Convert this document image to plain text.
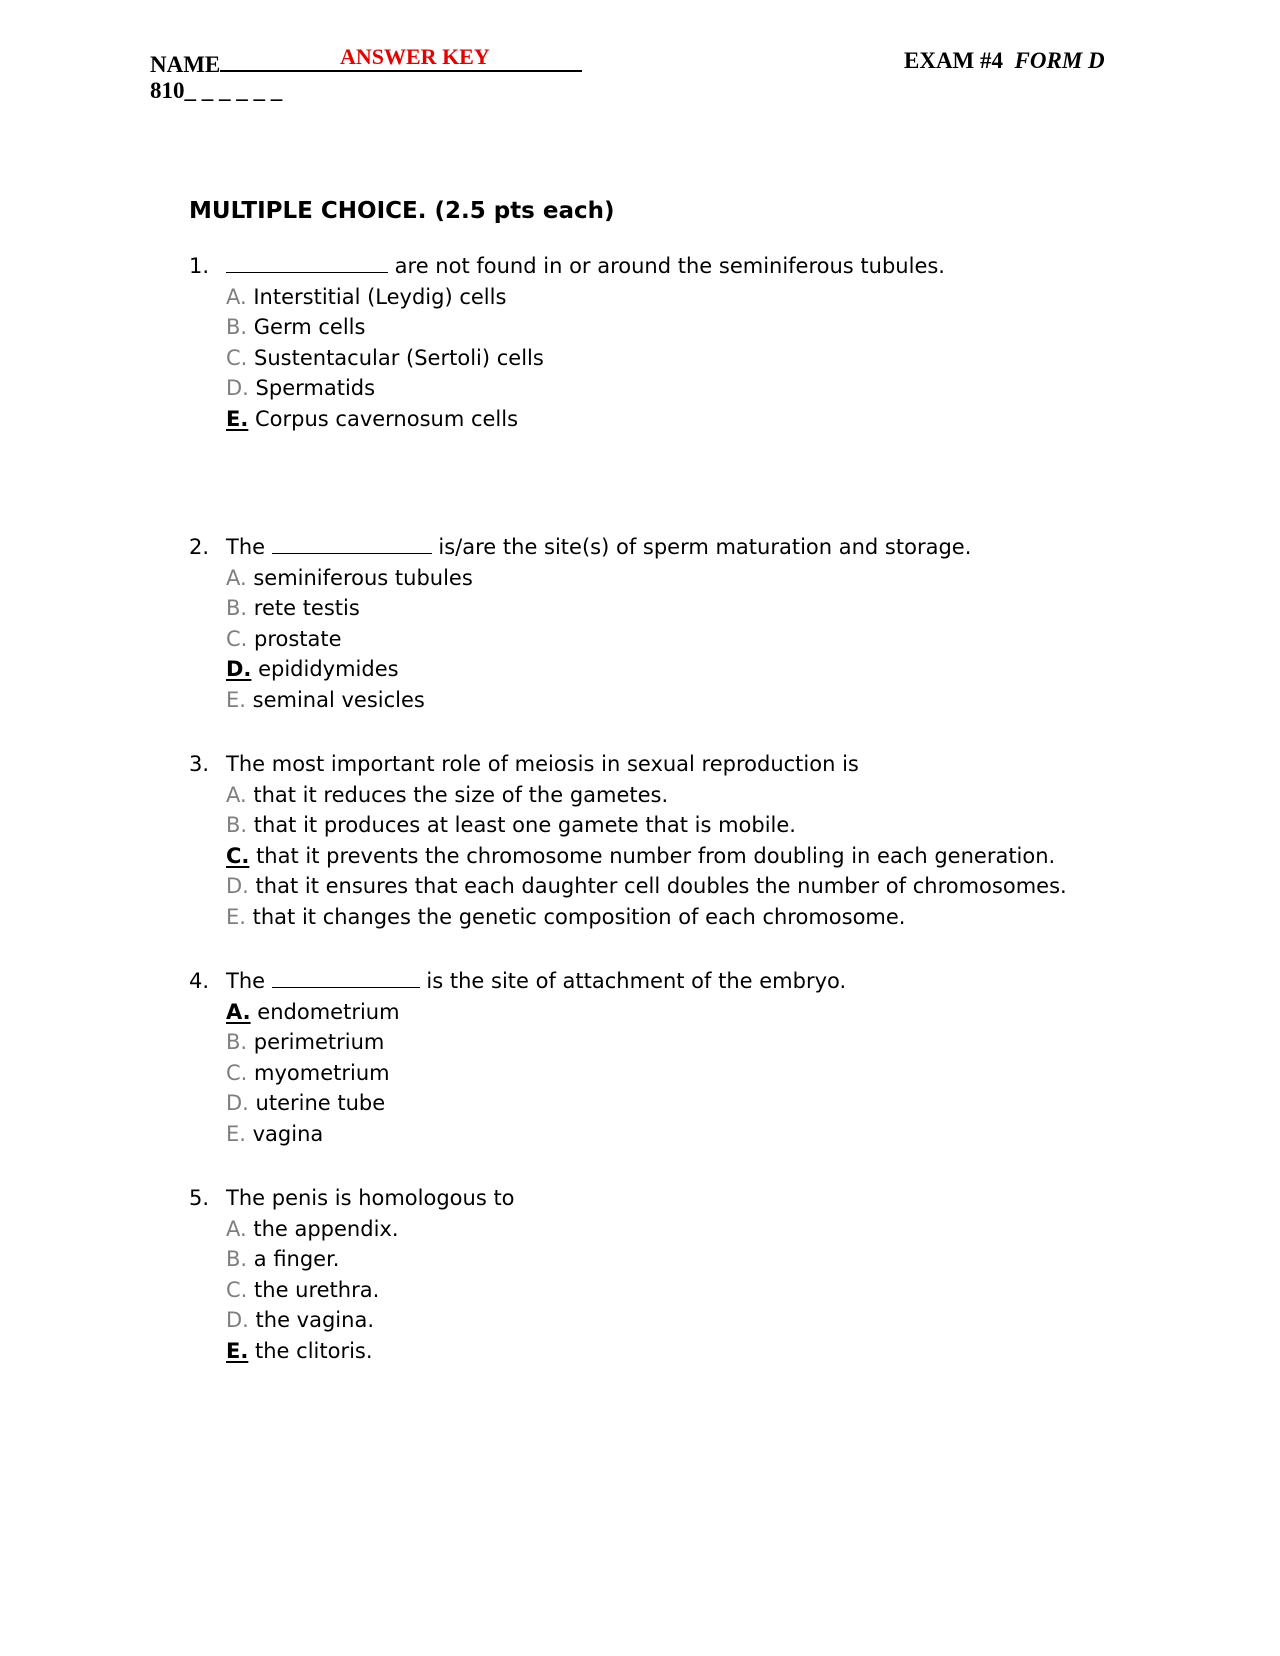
NAME
810_ _ _ _ _ _
ANSWER KEY	EXAM #4 FORM D
MULTIPLE CHOICE. (2.5 pts each)
1.	are not found in or around the seminiferous tubules.
A. Interstitial (Leydig) cells
B. Germ cells
C. Sustentacular (Sertoli) cells
D. Spermatids
E. Corpus cavernosum cells
2. The	is/are the site(s) of sperm maturation and storage.
A. seminiferous tubules
B. rete testis
C. prostate
D. epididymides
E. seminal vesicles
3. The most important role of meiosis in sexual reproduction is
A. that it reduces the size of the gametes.
B. that it produces at least one gamete that is mobile.
C. that it prevents the chromosome number from doubling in each generation.
D. that it ensures that each daughter cell doubles the number of chromosomes.
E. that it changes the genetic composition of each chromosome.
4. The	is the site of attachment of the embryo.
A. endometrium
B. perimetrium
C. myometrium
D. uterine tube
E. vagina
5. The penis is homologous to
A. the appendix.
B. a finger.
C. the urethra.
D. the vagina.
E. the clitoris.
